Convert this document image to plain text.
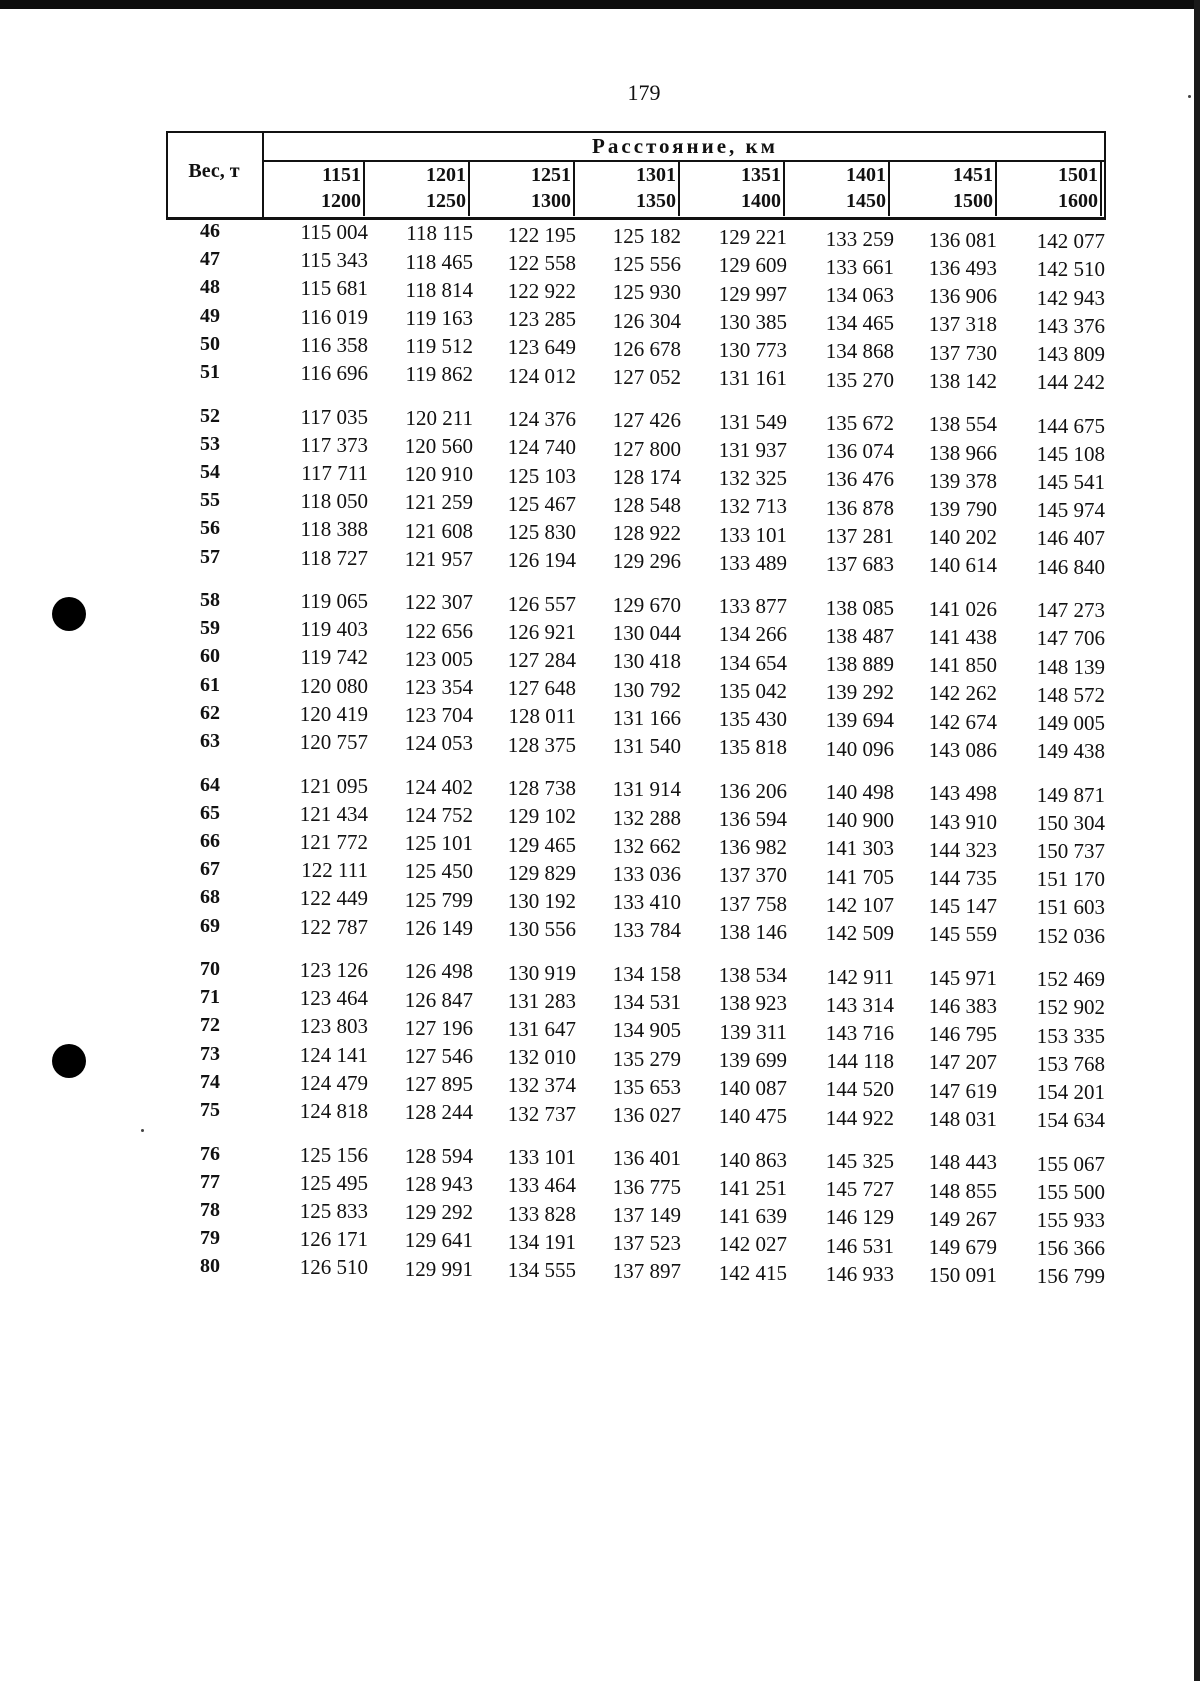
179
Вес, т
Расстояние, км
1151
1200
1201
1250
1251
1300
1301
1350
1351
1400
1401
1450
1451
1500
1501
1600
46	115 004	118 115	122 195	125 182	129 221	133 259	136 081	142 077
47	115 343	118 465	122 558	125 556	129 609	133 661	136 493	142 510
48	115 681	118 814	122 922	125 930	129 997	134 063	136 906	142 943
49	116 019	119 163	123 285	126 304	130 385	134 465	137 318	143 376
50	116 358	119 512	123 649	126 678	130 773	134 868	137 730	143 809
51	116 696	119 862	124 012	127 052	131 161	135 270	138 142	144 242
52	117 035	120 211	124 376	127 426	131 549	135 672	138 554	144 675
53	117 373	120 560	124 740	127 800	131 937	136 074	138 966	145 108
54	117 711	120 910	125 103	128 174	132 325	136 476	139 378	145 541
55	118 050	121 259	125 467	128 548	132 713	136 878	139 790	145 974
56	118 388	121 608	125 830	128 922	133 101	137 281	140 202	146 407
57	118 727	121 957	126 194	129 296	133 489	137 683	140 614	146 840
58	119 065	122 307	126 557	129 670	133 877	138 085	141 026	147 273
59	119 403	122 656	126 921	130 044	134 266	138 487	141 438	147 706
60	119 742	123 005	127 284	130 418	134 654	138 889	141 850	148 139
61	120 080	123 354	127 648	130 792	135 042	139 292	142 262	148 572
62	120 419	123 704	128 011	131 166	135 430	139 694	142 674	149 005
63	120 757	124 053	128 375	131 540	135 818	140 096	143 086	149 438
64	121 095	124 402	128 738	131 914	136 206	140 498	143 498	149 871
65	121 434	124 752	129 102	132 288	136 594	140 900	143 910	150 304
66	121 772	125 101	129 465	132 662	136 982	141 303	144 323	150 737
67	122 111	125 450	129 829	133 036	137 370	141 705	144 735	151 170
68	122 449	125 799	130 192	133 410	137 758	142 107	145 147	151 603
69	122 787	126 149	130 556	133 784	138 146	142 509	145 559	152 036
70	123 126	126 498	130 919	134 158	138 534	142 911	145 971	152 469
71	123 464	126 847	131 283	134 531	138 923	143 314	146 383	152 902
72	123 803	127 196	131 647	134 905	139 311	143 716	146 795	153 335
73	124 141	127 546	132 010	135 279	139 699	144 118	147 207	153 768
74	124 479	127 895	132 374	135 653	140 087	144 520	147 619	154 201
75	124 818	128 244	132 737	136 027	140 475	144 922	148 031	154 634
76	125 156	128 594	133 101	136 401	140 863	145 325	148 443	155 067
77	125 495	128 943	133 464	136 775	141 251	145 727	148 855	155 500
78	125 833	129 292	133 828	137 149	141 639	146 129	149 267	155 933
79	126 171	129 641	134 191	137 523	142 027	146 531	149 679	156 366
80	126 510	129 991	134 555	137 897	142 415	146 933	150 091	156 799
